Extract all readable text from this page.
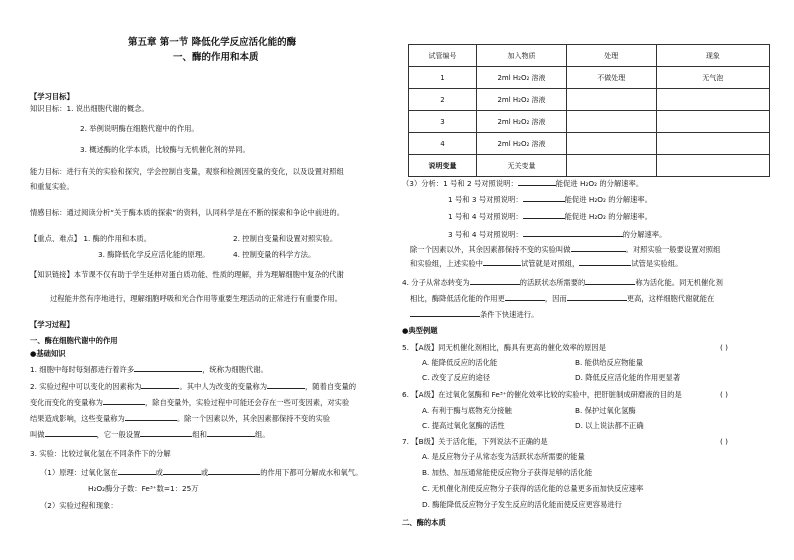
第五章 第一节 降低化学反应活化能的酶
一、酶的作用和本质
【学习目标】
知识目标：1. 说出细胞代谢的概念。
2. 举例说明酶在细胞代谢中的作用。
3. 概述酶的化学本质，比较酶与无机催化剂的异同。
能力目标：进行有关的实验和探究，学会控制自变量，观察和检测因变量的变化，以及设置对照组
和重复实验。
情感目标：通过阅读分析“关于酶本质的探索”的资料，认同科学是在不断的探索和争论中前进的。
【重点、难点】 1. 酶的作用和本质。	2. 控制自变量和设置对照实验。
3. 酶降低化学反应活化能的原理。	4. 控制变量的科学方法。
【知识链接】本节课不仅有助于学生延伸对蛋白质功能、性质的理解，并为理解细胞中复杂的代谢
过程能井然有序地进行，理解细胞呼吸和光合作用等重要生理活动的正常进行有重要作用。
【学习过程】
一、酶在细胞代谢中的作用
●基础知识
1. 细胞中每时每刻都进行着许多	，统称为细胞代谢。
2. 实验过程中可以变化的因素称为	。其中人为改变的变量称为	，随着自变量的
变化而变化的变量称为	，除自变量外，实验过程中可能还会存在一些可变因素，对实验
结果造成影响，这些变量称为	。除一个因素以外，其余因素都保持不变的实验
叫做	，它一般设置	组和	组。
3. 实验：比较过氧化氢在不同条件下的分解
（1）原理：过氧化氢在	或	或	的作用下都可分解成水和氧气。
H₂O₂酶分子数：Fe³⁺数=1：25万
（2）实验过程和现象：
试管编号	加入物质	处理	现象
1	2ml H₂O₂ 溶液	不做处理	无气泡
2	2ml H₂O₂ 溶液		
3	2ml H₂O₂ 溶液		
4	2ml H₂O₂ 溶液		
说明变量	无关变量		
（3）分析：1 号和 2 号对照说明：	能促进 H₂O₂ 的分解速率。
1 号和 3 号对照说明：	能促进 H₂O₂ 的分解速率。
1 号和 4 号对照说明：	能促进 H₂O₂ 的分解速率。
3 号和 4 号对照说明：	的分解速率。
除一个因素以外，其余因素都保持不变的实验叫做	。对照实验一般要设置对照组
和实验组，上述实验中	试管就是对照组，	试管是实验组。
4. 分子从常态转变为	的活跃状态所需要的	称为活化能。同无机催化剂
相比，酶降低活化能的作用更	，因而	更高，这样细胞代谢就能在
条件下快速进行。
●典型例题
5. 【A级】同无机催化剂相比，酶具有更高的催化效率的原因是	( )
A. 能降低反应的活化能	B. 能供给反应物能量
C. 改变了反应的途径	D. 降低反应活化能的作用更显著
6. 【A级】在过氧化氢酶和 Fe³⁺的催化效率比较的实验中，把肝脏制成研磨液的目的是	( )
A. 有利于酶与底物充分接触	B. 保护过氧化氢酶
C. 提高过氧化氢酶的活性	D. 以上说法都不正确
7. 【B级】关于活化能，下列说法不正确的是	( )
A. 是反应物分子从常态变为活跃状态所需要的能量
B. 加热、加压通常能使反应物分子获得足够的活化能
C. 无机催化剂使反应物分子获得的活化能的总量更多而加快反应速率
D. 酶能降低反应物分子发生反应的活化能而使反应更容易进行
二、酶的本质
